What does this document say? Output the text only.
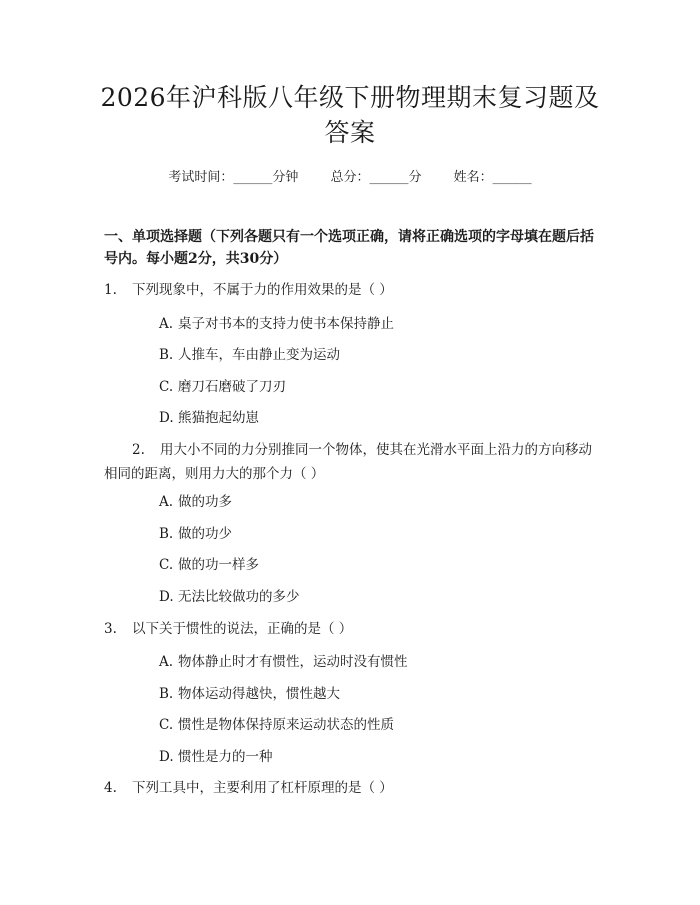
2026年沪科版八年级下册物理期末复习题及答案
考试时间：______分钟 总分：______分 姓名：______
一、单项选择题（下列各题只有一个选项正确，请将正确选项的字母填在题后括号内。每小题2分，共30分）
1. 下列现象中，不属于力的作用效果的是（ ）
A. 桌子对书本的支持力使书本保持静止
B. 人推车，车由静止变为运动
C. 磨刀石磨破了刀刃
D. 熊猫抱起幼崽
2. 用大小不同的力分别推同一个物体，使其在光滑水平面上沿力的方向移动相同的距离，则用力大的那个力（ ）
A. 做的功多
B. 做的功少
C. 做的功一样多
D. 无法比较做功的多少
3. 以下关于惯性的说法，正确的是（ ）
A. 物体静止时才有惯性，运动时没有惯性
B. 物体运动得越快，惯性越大
C. 惯性是物体保持原来运动状态的性质
D. 惯性是力的一种
4. 下列工具中，主要利用了杠杆原理的是（ ）
